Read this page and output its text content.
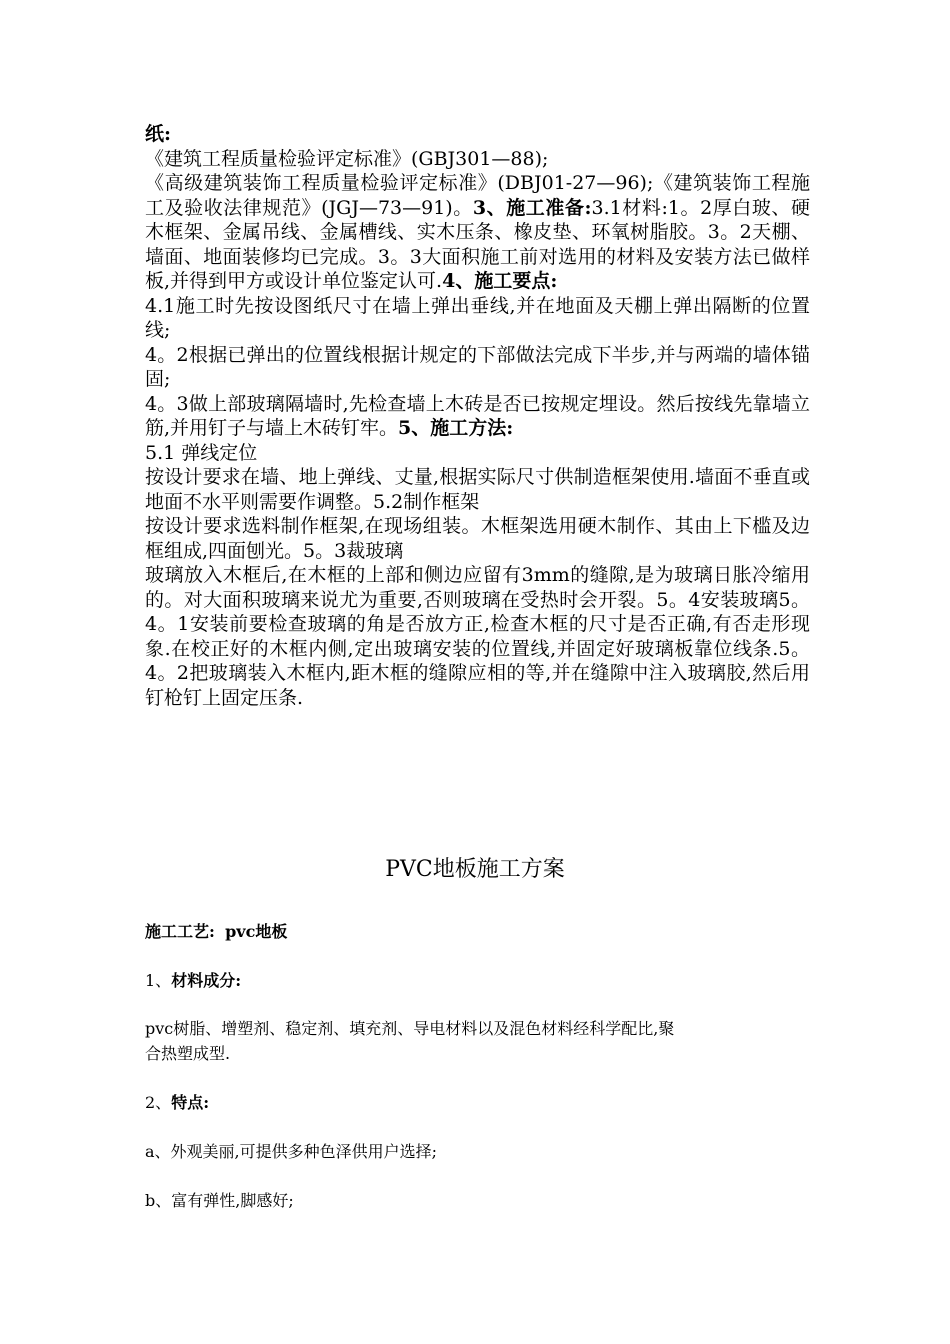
纸:

《建筑工程质量检验评定标准》(GBJ301—88);

《高级建筑装饰工程质量检验评定标准》(DBJ01-27—96);《建筑装饰工程施工及验收法律规范》(JGJ—73—91)。3、施工准备:3.1材料:1。2厚白玻、硬木框架、金属吊线、金属槽线、实木压条、橡皮垫、环氧树脂胶。3。2天棚、墙面、地面装修均已完成。3。3大面积施工前对选用的材料及安装方法已做样板,并得到甲方或设计单位鉴定认可.4、施工要点:

4.1施工时先按设图纸尺寸在墙上弹出垂线,并在地面及天棚上弹出隔断的位置线;

4。2根据已弹出的位置线根据计规定的下部做法完成下半步,并与两端的墙体锚固;

4。3做上部玻璃隔墙时,先检查墙上木砖是否已按规定埋设。然后按线先靠墙立筋,并用钉子与墙上木砖钉牢。5、施工方法:

5.1 弹线定位

按设计要求在墙、地上弹线、丈量,根据实际尺寸供制造框架使用.墙面不垂直或地面不水平则需要作调整。5.2制作框架

按设计要求选料制作框架,在现场组装。木框架选用硬木制作、其由上下槛及边框组成,四面刨光。5。3裁玻璃

玻璃放入木框后,在木框的上部和侧边应留有3mm的缝隙,是为玻璃日胀冷缩用的。对大面积玻璃来说尤为重要,否则玻璃在受热时会开裂。5。4安装玻璃5。4。1安装前要检查玻璃的角是否放方正,检查木框的尺寸是否正确,有否走形现象.在校正好的木框内侧,定出玻璃安装的位置线,并固定好玻璃板靠位线条.5。4。2把玻璃装入木框内,距木框的缝隙应相的等,并在缝隙中注入玻璃胶,然后用钉枪钉上固定压条.

PVC地板施工方案
施工工艺: pvc地板
1、材料成分:
pvc树脂、增塑剂、稳定剂、填充剂、导电材料以及混色材料经科学配比,聚
合热塑成型.
2、特点:
a、外观美丽,可提供多种色泽供用户选择;
b、富有弹性,脚感好;
